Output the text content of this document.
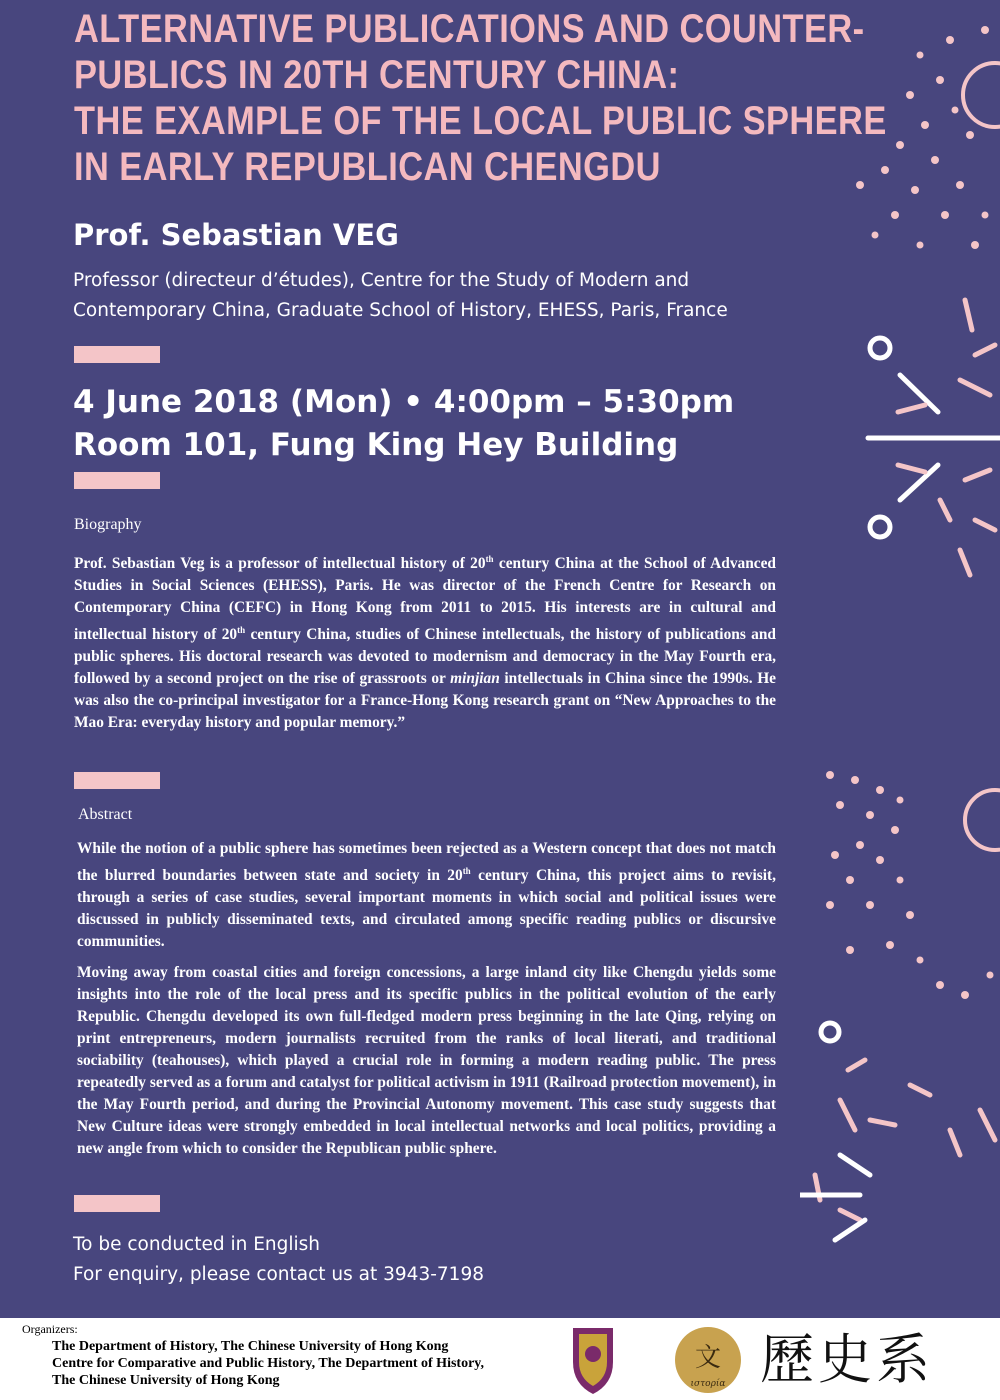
ALTERNATIVE PUBLICATIONS AND COUNTER-
PUBLICS IN 20TH CENTURY CHINA:
THE EXAMPLE OF THE LOCAL PUBLIC SPHERE
IN EARLY REPUBLICAN CHENGDU
Prof. Sebastian VEG
Professor (directeur d’études), Centre for the Study of Modern and
Contemporary China, Graduate School of History, EHESS, Paris, France
4 June 2018 (Mon) • 4:00pm – 5:30pm
Room 101, Fung King Hey Building
Biography
Prof. Sebastian Veg is a professor of intellectual history of 20th century China at the School of Advanced Studies in Social Sciences (EHESS), Paris. He was director of the French Centre for Research on Contemporary China (CEFC) in Hong Kong from 2011 to 2015. His interests are in cultural and intellectual history of 20th century China, studies of Chinese intellectuals, the history of publications and public spheres. His doctoral research was devoted to modernism and democracy in the May Fourth era, followed by a second project on the rise of grassroots or minjian intellectuals in China since the 1990s. He was also the co-principal investigator for a France-Hong Kong research grant on “New Approaches to the Mao Era: everyday history and popular memory.”
Abstract

While the notion of a public sphere has sometimes been rejected as a Western concept that does not match the blurred boundaries between state and society in 20th century China, this project aims to revisit, through a series of case studies, several important moments in which social and political issues were discussed in publicly disseminated texts, and circulated among specific reading publics or discursive communities.

Moving away from coastal cities and foreign concessions, a large inland city like Chengdu yields some insights into the role of the local press and its specific publics in the political evolution of the early Republic. Chengdu developed its own full-fledged modern press beginning in the late Qing, relying on print entrepreneurs, modern journalists recruited from the ranks of local literati, and traditional sociability (teahouses), which played a crucial role in forming a modern reading public. The press repeatedly served as a forum and catalyst for political activism in 1911 (Railroad protection movement), in the May Fourth period, and during the Provincial Autonomy movement. This case study suggests that New Culture ideas were strongly embedded in local intellectual networks and local politics, providing a new angle from which to consider the Republican public sphere.

To be conducted in English
For enquiry, please contact us at 3943-7198
Organizers:
The Department of History, The Chinese University of Hong Kong
Centre for Comparative and Public History, The Department of History,
The Chinese University of Hong Kong
文
ιστορία 歷史系
